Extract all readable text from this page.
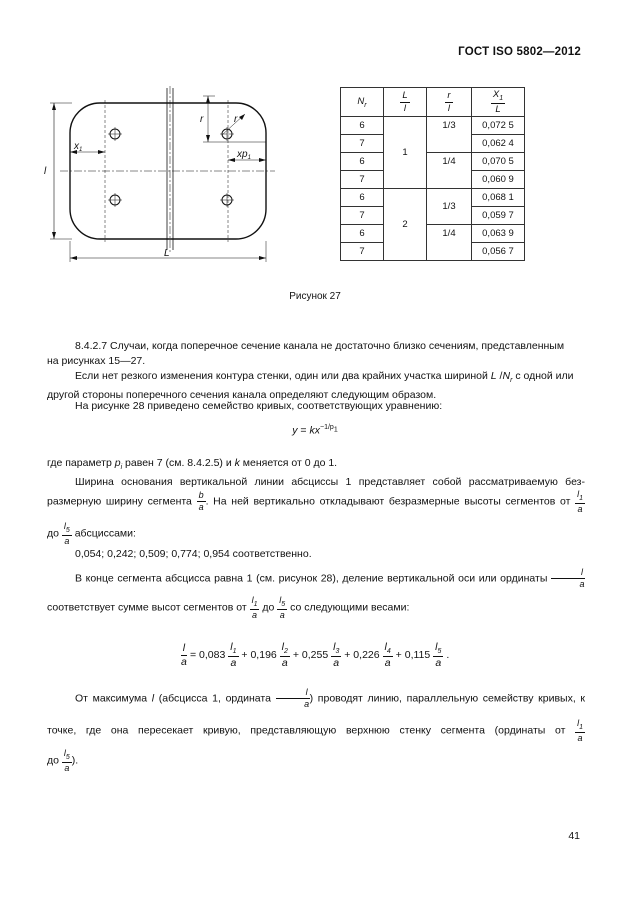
ГОСТ ISO 5802—2012
$x_1$	$xp_1$
r	r
l
L
$N_r$	$\frac{L}{l}$	$\frac{r}{l}$	$\frac{X_1}{L}$

6	1	1/3	0,072 5
7			0,062 4
6		1/4	0,070 5
7			0,060 9
6	2	1/3	0,068 1
7			0,059 7
6		1/4	0,063 9
7			0,056 7
Рисунок 27
8.4.2.7 Случаи, когда поперечное сечение канала не достаточно близко сечениям, представленным
на рисунках 15—27.
Если нет резкого изменения контура стенки, один или два крайних участка шириной L $/N_r$ с одной или
другой стороны поперечного сечения канала определяют следующим образом.
На рисунке 28 приведено семейство кривых, соответствующих уравнению:
$y = kx^{-1/p_1}$
где параметр $p_i$ равен 7 (см. 8.4.2.5) и k меняется от 0 до 1.
Ширина основания вертикальной линии абсциссы 1 представляет собой рассматриваемую без-
размерную ширину сегмента $\frac{b}{a}$ . На ней вертикально откладывают безразмерные высоты сегментов от $\frac{l_1}{a}$
до $\frac{l_5}{a}$ абсциссами:
0,054; 0,242; 0,509; 0,774; 0,954 соответственно.
В конце сегмента абсцисса равна 1 (см. рисунок 28), деление вертикальной оси или ординаты $\frac{l}{a}$
соответствует сумме высот сегментов от $\frac{l_1}{a}$ до $\frac{l_5}{a}$ со следующими весами:
$\frac{l}{a} = 0,083 \frac{l_1}{a} + 0,196 \frac{l_2}{a} + 0,255 \frac{l_3}{a} + 0,226 \frac{l_4}{a} + 0,115 \frac{l_5}{a}$ .
От максимума l (абсцисса 1, ордината $\frac{l}{a}$ ) проводят линию, параллельную семейству кривых, к
точке, где она пересекает кривую, представляющую верхнюю стенку сегмента (ординаты от $\frac{l_1}{a}$
до $\frac{l_5}{a}$ ).
41
